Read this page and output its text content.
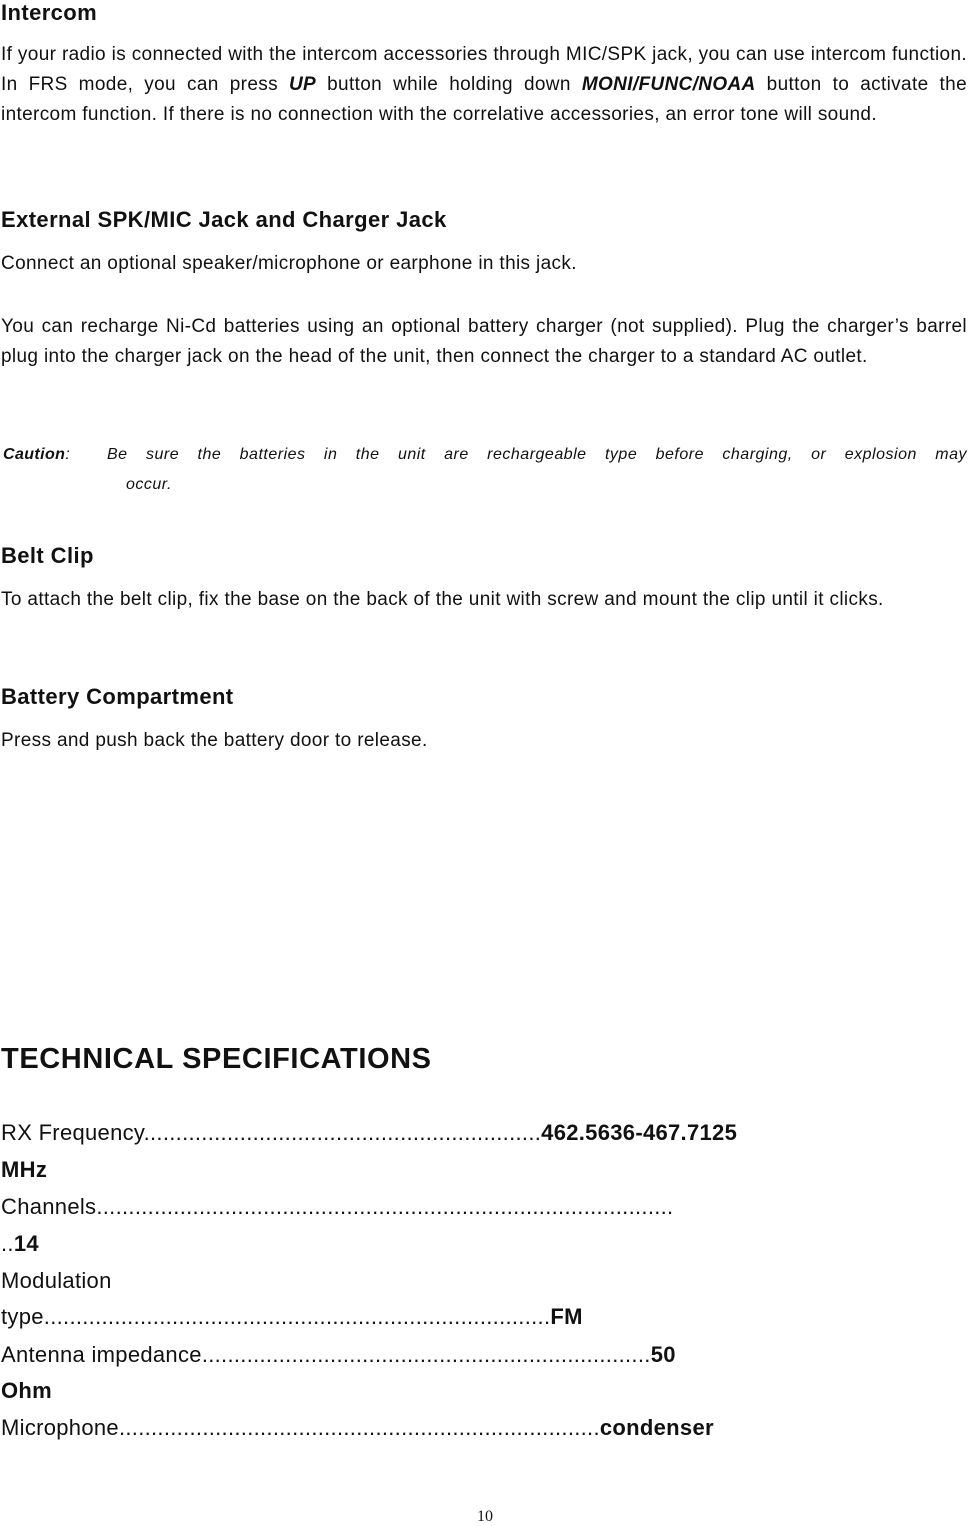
Intercom

If your radio is connected with the intercom accessories through MIC/SPK jack, you can use intercom function. In FRS mode, you can press UP button while holding down MONI/FUNC/NOAA button to activate the intercom function. If there is no connection with the correlative accessories, an error tone will sound.

External SPK/MIC Jack and Charger Jack

Connect an optional speaker/microphone or earphone in this jack.

You can recharge Ni-Cd batteries using an optional battery charger (not supplied). Plug the charger’s barrel plug into the charger jack on the head of the unit, then connect the charger to a standard AC outlet.

Caution: Be sure the batteries in the unit are rechargeable type before charging, or explosion may
occur.
Belt Clip

To attach the belt clip, fix the base on the back of the unit with screw and mount the clip until it clicks.

Battery Compartment

Press and push back the battery door to release.

TECHNICAL SPECIFICATIONS
RX Frequency..............................................................462.5636-467.7125
MHz
Channels..........................................................................................
..14
Modulation
type...............................................................................FM
Antenna impedance......................................................................50
Ohm
Microphone...........................................................................condenser
10
